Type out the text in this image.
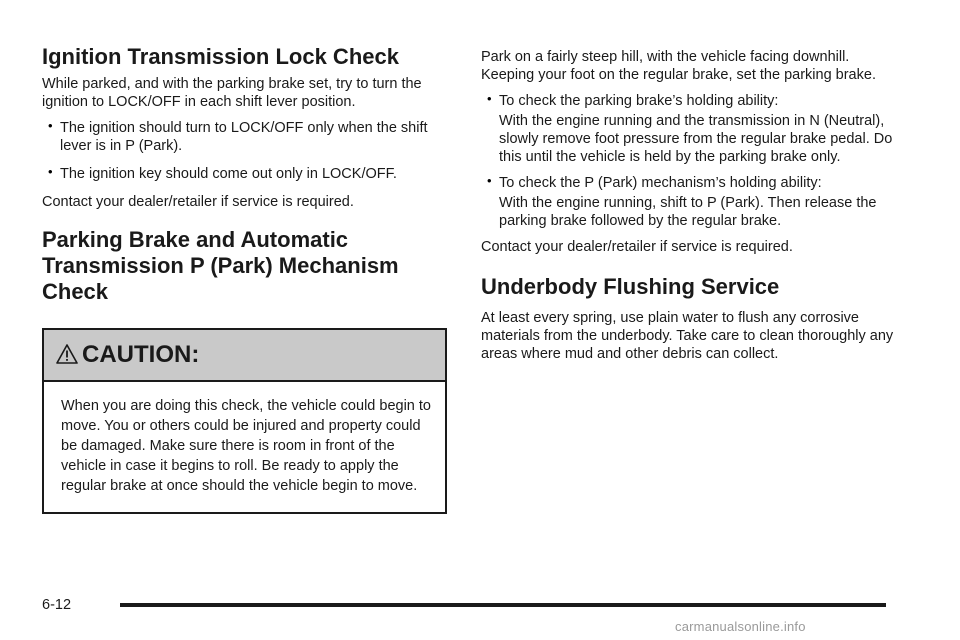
Ignition Transmission Lock Check

While parked, and with the parking brake set, try to turn the ignition to LOCK/OFF in each shift lever position.

• The ignition should turn to LOCK/OFF only when the shift lever is in P (Park).

• The ignition key should come out only in LOCK/OFF.

Contact your dealer/retailer if service is required.

Parking Brake and Automatic
Transmission P (Park) Mechanism
Check
CAUTION:

When you are doing this check, the vehicle could begin to move. You or others could be injured and property could be damaged. Make sure there is room in front of the vehicle in case it begins to roll. Be ready to apply the regular brake at once should the vehicle begin to move.

Park on a fairly steep hill, with the vehicle facing downhill. Keeping your foot on the regular brake, set the parking brake.

• To check the parking brake’s holding ability:

With the engine running and the transmission in N (Neutral), slowly remove foot pressure from the regular brake pedal. Do this until the vehicle is held by the parking brake only.

• To check the P (Park) mechanism’s holding ability:

With the engine running, shift to P (Park). Then release the parking brake followed by the regular brake.

Contact your dealer/retailer if service is required.

Underbody Flushing Service

At least every spring, use plain water to flush any corrosive materials from the underbody. Take care to clean thoroughly any areas where mud and other debris can collect.

6-12
carmanualsonline.info
